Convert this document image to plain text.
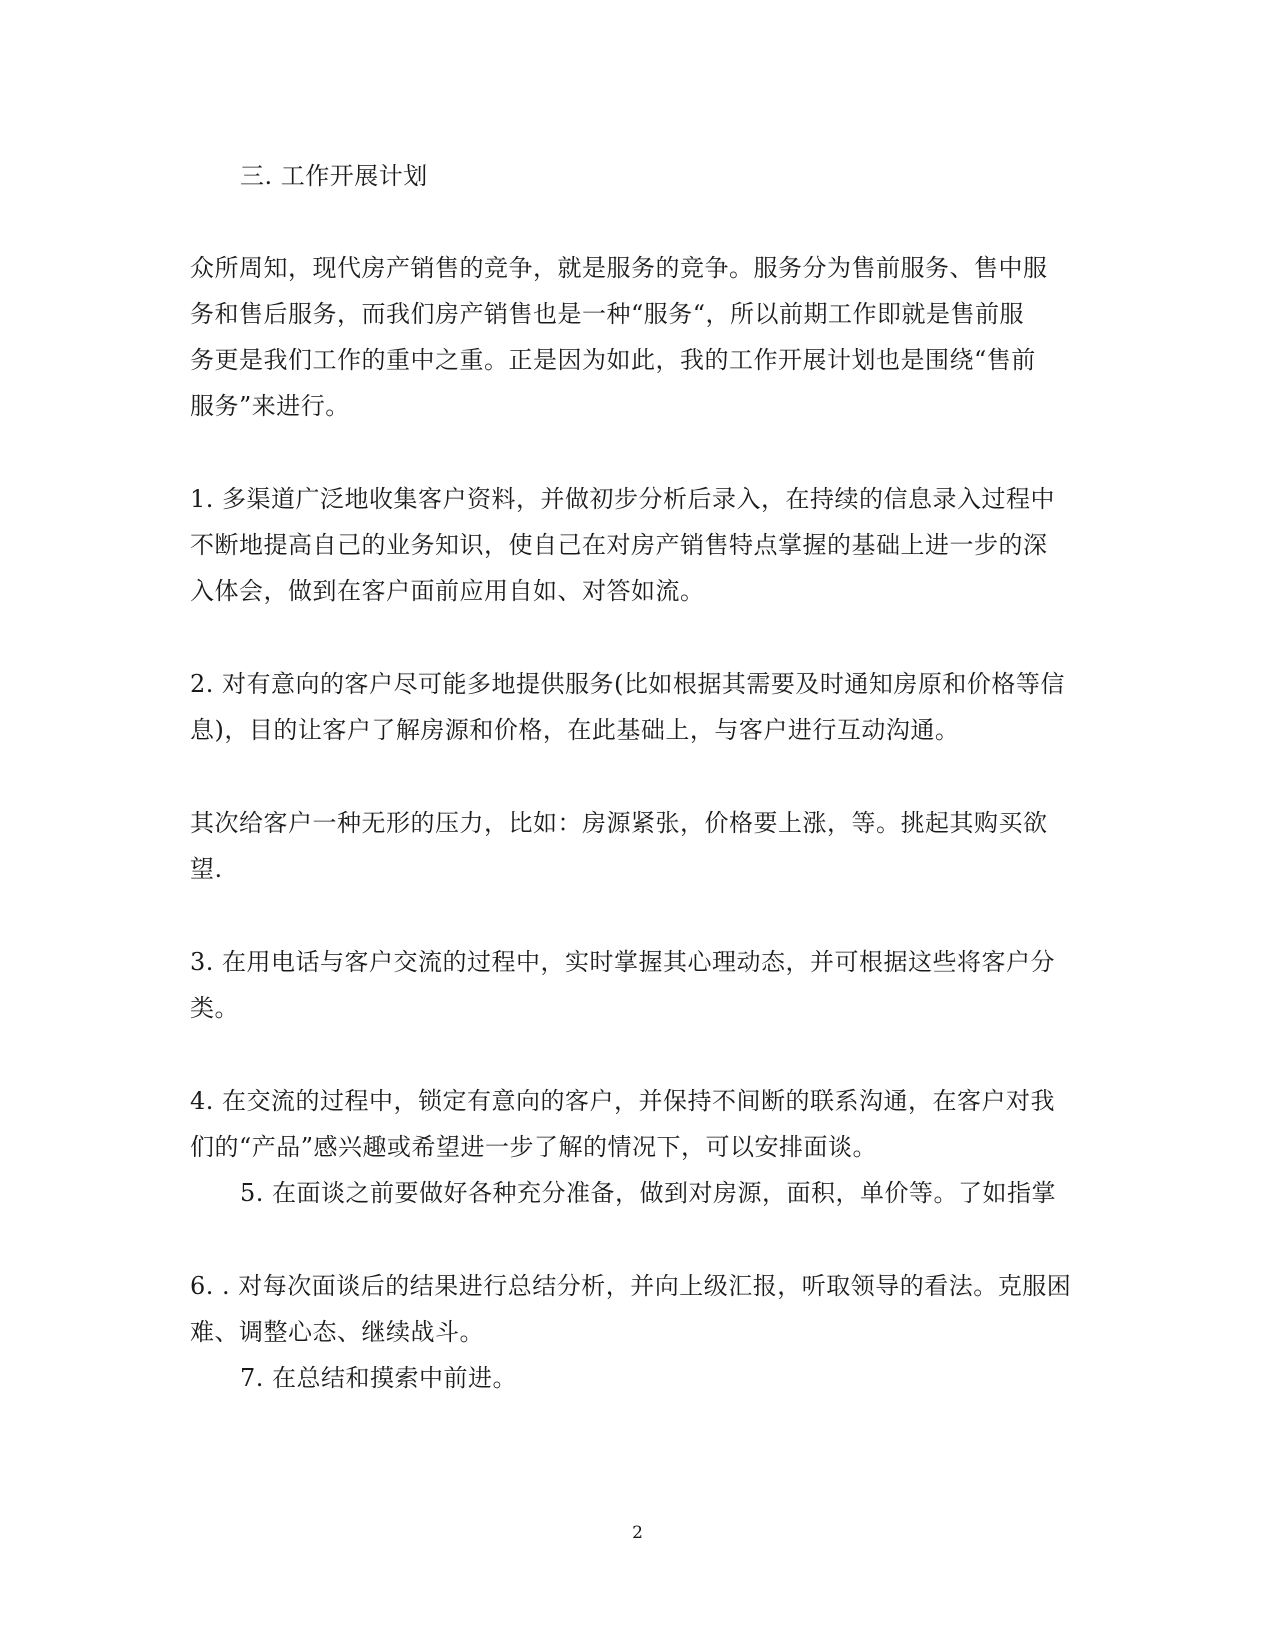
三. 工作开展计划
众所周知，现代房产销售的竞争，就是服务的竞争。服务分为售前服务、售中服
务和售后服务，而我们房产销售也是一种“服务“，所以前期工作即就是售前服
务更是我们工作的重中之重。正是因为如此，我的工作开展计划也是围绕“售前
服务”来进行。
1. 多渠道广泛地收集客户资料，并做初步分析后录入，在持续的信息录入过程中
不断地提高自己的业务知识，使自己在对房产销售特点掌握的基础上进一步的深
入体会，做到在客户面前应用自如、对答如流。
2. 对有意向的客户尽可能多地提供服务(比如根据其需要及时通知房原和价格等信
息)，目的让客户了解房源和价格，在此基础上，与客户进行互动沟通。
其次给客户一种无形的压力，比如：房源紧张，价格要上涨，等。挑起其购买欲
望.
3. 在用电话与客户交流的过程中，实时掌握其心理动态，并可根据这些将客户分
类。
4. 在交流的过程中，锁定有意向的客户，并保持不间断的联系沟通，在客户对我
们的“产品”感兴趣或希望进一步了解的情况下，可以安排面谈。
5. 在面谈之前要做好各种充分准备，做到对房源，面积，单价等。了如指掌
6. . 对每次面谈后的结果进行总结分析，并向上级汇报，听取领导的看法。克服困
难、调整心态、继续战斗。
7. 在总结和摸索中前进。
2
